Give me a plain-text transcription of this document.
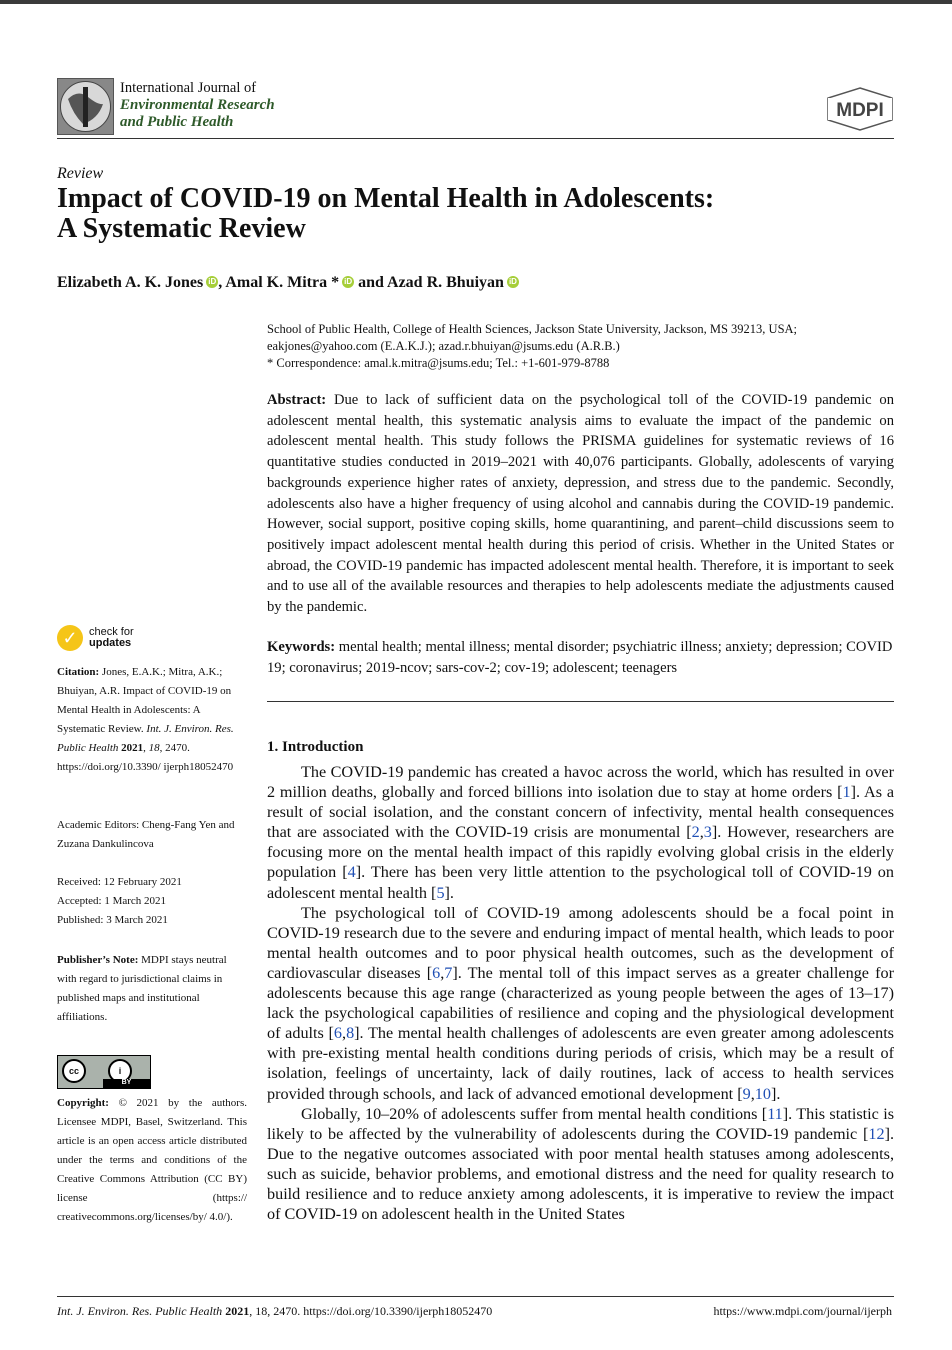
International Journal of
Environmental Research
and Public Health
MDPI
Review
Impact of COVID-19 on Mental Health in Adolescents:
A Systematic Review
Elizabeth A. K. Jones iD , Amal K. Mitra * iD and Azad R. Bhuiyan iD
School of Public Health, College of Health Sciences, Jackson State University, Jackson, MS 39213, USA;
eakjones@yahoo.com (E.A.K.J.); azad.r.bhuiyan@jsums.edu (A.R.B.)
* Correspondence: amal.k.mitra@jsums.edu; Tel.: +1-601-979-8788
Abstract: Due to lack of sufficient data on the psychological toll of the COVID-19 pandemic on adolescent mental health, this systematic analysis aims to evaluate the impact of the pandemic on adolescent mental health. This study follows the PRISMA guidelines for systematic reviews of 16 quantitative studies conducted in 2019–2021 with 40,076 participants. Globally, adolescents of varying backgrounds experience higher rates of anxiety, depression, and stress due to the pandemic. Secondly, adolescents also have a higher frequency of using alcohol and cannabis during the COVID-19 pandemic. However, social support, positive coping skills, home quarantining, and parent–child discussions seem to positively impact adolescent mental health during this period of crisis. Whether in the United States or abroad, the COVID-19 pandemic has impacted adolescent mental health. Therefore, it is important to seek and to use all of the available resources and therapies to help adolescents mediate the adjustments caused by the pandemic.
Keywords: mental health; mental illness; mental disorder; psychiatric illness; anxiety; depression; COVID 19; coronavirus; 2019-ncov; sars-cov-2; cov-19; adolescent; teenagers
1. Introduction

The COVID-19 pandemic has created a havoc across the world, which has resulted in over 2 million deaths, globally and forced billions into isolation due to stay at home orders [1]. As a result of social isolation, and the constant concern of infectivity, mental health consequences that are associated with the COVID-19 crisis are monumental [2,3]. However, researchers are focusing more on the mental health impact of this rapidly evolving global crisis in the elderly population [4]. There has been very little attention to the psychological toll of COVID-19 on adolescent mental health [5].

The psychological toll of COVID-19 among adolescents should be a focal point in COVID-19 research due to the severe and enduring impact of mental health, which leads to poor mental health outcomes and to poor physical health outcomes, such as the development of cardiovascular diseases [6,7]. The mental toll of this impact serves as a greater challenge for adolescents because this age range (characterized as young people between the ages of 13–17) lack the psychological capabilities of resilience and coping and the physiological development of adults [6,8]. The mental health challenges of adolescents are even greater among adolescents with pre-existing mental health conditions during periods of crisis, which may be a result of isolation, feelings of uncertainty, lack of daily routines, lack of access to health services provided through schools, and lack of advanced emotional development [9,10].

Globally, 10–20% of adolescents suffer from mental health conditions [11]. This statistic is likely to be affected by the vulnerability of adolescents during the COVID-19 pandemic [12]. Due to the negative outcomes associated with poor mental health statuses among adolescents, such as suicide, behavior problems, and emotional distress and the need for quality research to build resilience and to reduce anxiety among adolescents, it is imperative to review the impact of COVID-19 on adolescent health in the United States

✓	check for
updates
Citation: Jones, E.A.K.; Mitra, A.K.; Bhuiyan, A.R. Impact of COVID-19 on Mental Health in Adolescents: A Systematic Review. Int. J. Environ. Res. Public Health 2021, 18, 2470. https://doi.org/10.3390/ ijerph18052470
Academic Editors: Cheng-Fang Yen and Zuzana Dankulincova
Received: 12 February 2021
Accepted: 1 March 2021
Published: 3 March 2021
Publisher’s Note: MDPI stays neutral with regard to jurisdictional claims in published maps and institutional affiliations.
cc	i
BY
Copyright: © 2021 by the authors. Licensee MDPI, Basel, Switzerland. This article is an open access article distributed under the terms and conditions of the Creative Commons Attribution (CC BY) license (https:// creativecommons.org/licenses/by/ 4.0/).
Int. J. Environ. Res. Public Health 2021, 18, 2470. https://doi.org/10.3390/ijerph18052470	https://www.mdpi.com/journal/ijerph
